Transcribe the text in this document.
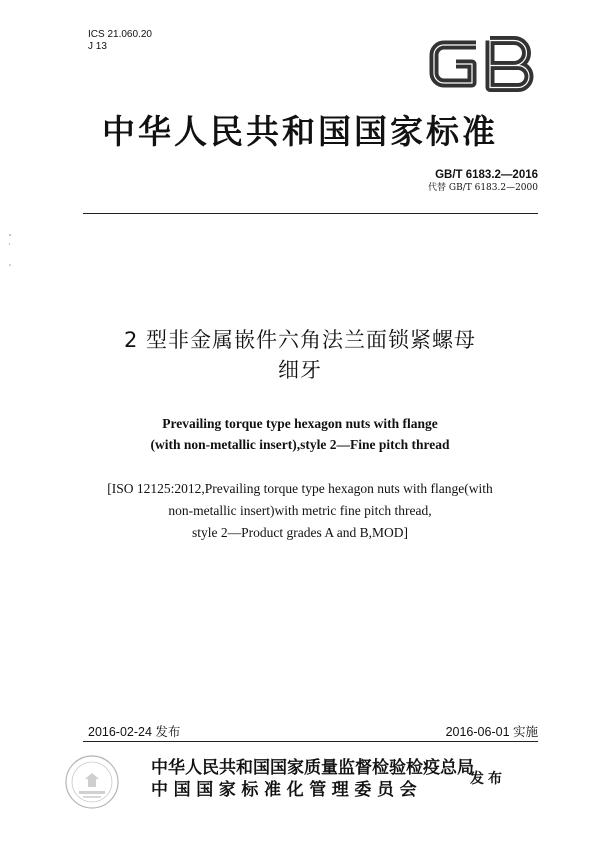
ICS 21.060.20
J 13
中华人民共和国国家标准
GB/T 6183.2—2016
代替 GB/T 6183.2—2000
2 型非金属嵌件六角法兰面锁紧螺母
细牙
Prevailing torque type hexagon nuts with flange
(with non-metallic insert),style 2—Fine pitch thread
[ISO 12125:2012,Prevailing torque type hexagon nuts with flange(with
non-metallic insert)with metric fine pitch thread,
style 2—Product grades A and B,MOD]
2016-02-24 发布	2016-06-01 实施
中华人民共和国国家质量监督检验检疫总局
中国国家标准化管理委员会
发布
